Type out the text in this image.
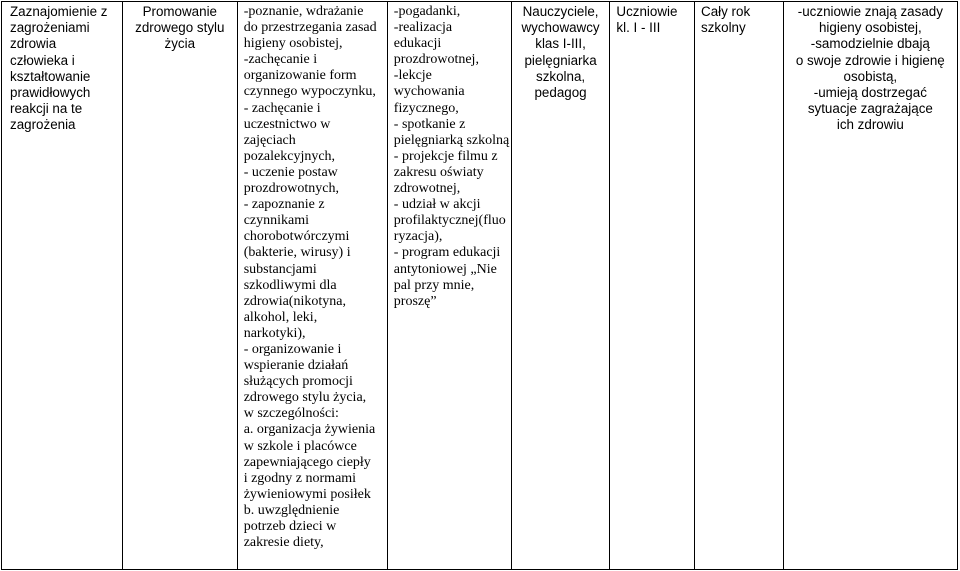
Zaznajomienie z
zagrożeniami
zdrowia
człowieka i
kształtowanie
prawidłowych
reakcji na te
zagrożenia

Promowanie
zdrowego stylu
życia

-poznanie, wdrażanie
do przestrzegania zasad
higieny osobistej,
-zachęcanie i
organizowanie form
czynnego wypoczynku,
- zachęcanie i
uczestnictwo w
zajęciach
pozalekcyjnych,
- uczenie postaw
prozdrowotnych,
- zapoznanie z
czynnikami
chorobotwórczymi
(bakterie, wirusy) i
substancjami
szkodliwymi dla
zdrowia(nikotyna,
alkohol, leki,
narkotyki),
- organizowanie i
wspieranie działań
służących promocji
zdrowego stylu życia,
w szczególności:
a. organizacja żywienia
w szkole i placówce
zapewniającego ciepły
i zgodny z normami
żywieniowymi posiłek
b. uwzględnienie
potrzeb dzieci w
zakresie diety,

-pogadanki,
-realizacja
edukacji
prozdrowotnej,
-lekcje
wychowania
fizycznego,
- spotkanie z
pielęgniarką szkolną
- projekcje filmu z
zakresu oświaty
zdrowotnej,
- udział w akcji
profilaktycznej(fluo
ryzacja),
- program edukacji
antytoniowej „Nie
pal przy mnie,
proszę”

Nauczyciele,
wychowawcy
klas I-III,
pielęgniarka
szkolna,
pedagog

Uczniowie
kl. I - III

Cały rok
szkolny

-uczniowie znają zasady
higieny osobistej,
-samodzielnie dbają
o swoje zdrowie i higienę
osobistą,
-umieją dostrzegać
sytuacje zagrażające
ich zdrowiu
